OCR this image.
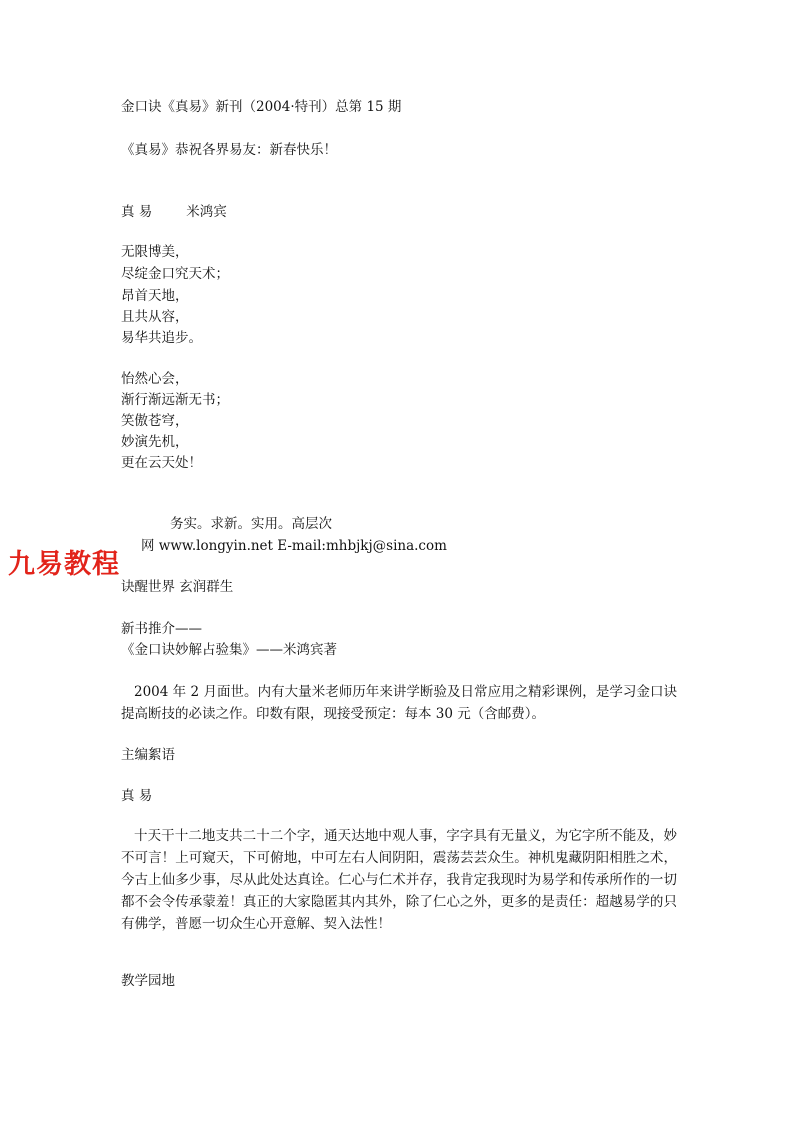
金口诀《真易》新刊（2004·特刊）总第 15 期

《真易》恭祝各界易友：新春快乐！

真 易	米鸿宾

无限博美，

尽绽金口究天术；

昂首天地，

且共从容，

易华共追步。

怡然心会，

渐行渐远渐无书；

笑傲苍穹，

妙演先机，

更在云天处！

务实。求新。实用。高层次

网 www.longyin.net E-mail:mhbjkj@sina.com

九易教程

诀醒世界 玄润群生

新书推介——

《金口诀妙解占验集》——米鸿宾著

2004 年 2 月面世。内有大量米老师历年来讲学断验及日常应用之精彩课例，是学习金口诀提高断技的必读之作。印数有限，现接受预定：每本 30 元（含邮费）。

主编絮语

真 易

十天干十二地支共二十二个字，通天达地中观人事，字字具有无量义，为它字所不能及，妙不可言！上可窥天，下可俯地，中可左右人间阴阳，震荡芸芸众生。神机鬼藏阴阳相胜之术，今古上仙多少事，尽从此处达真诠。仁心与仁术并存，我肯定我现时为易学和传承所作的一切都不会令传承蒙羞！真正的大家隐匿其内其外，除了仁心之外，更多的是责任：超越易学的只有佛学，普愿一切众生心开意解、契入法性！

教学园地
